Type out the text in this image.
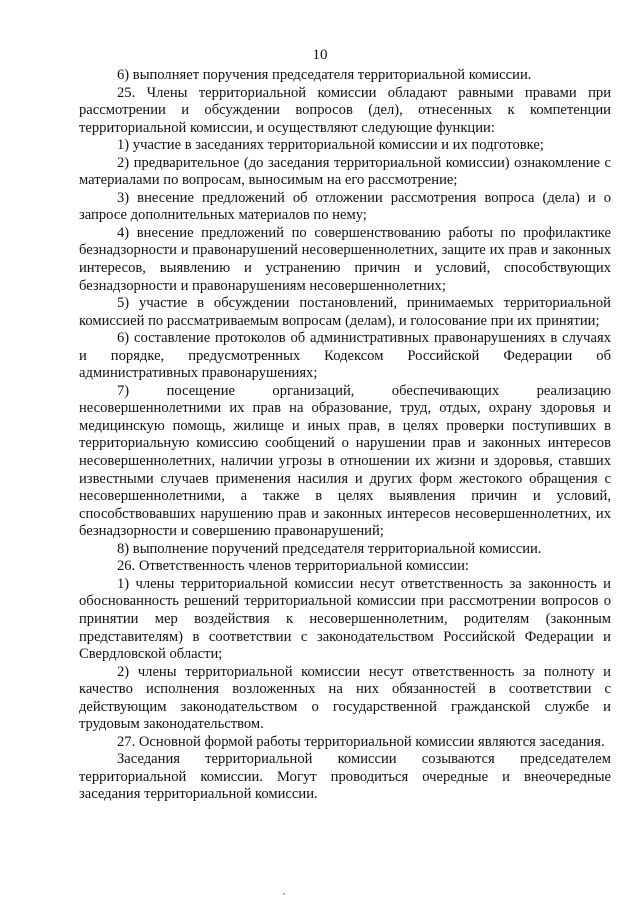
10

6) выполняет поручения председателя территориальной комиссии.

25. Члены территориальной комиссии обладают равными правами при рассмотрении и обсуждении вопросов (дел), отнесенных к компетенции территориальной комиссии, и осуществляют следующие функции:

1) участие в заседаниях территориальной комиссии и их подготовке;

2) предварительное (до заседания территориальной комиссии) ознакомление с материалами по вопросам, выносимым на его рассмотрение;

3) внесение предложений об отложении рассмотрения вопроса (дела) и о запросе дополнительных материалов по нему;

4) внесение предложений по совершенствованию работы по профилактике безнадзорности и правонарушений несовершеннолетних, защите их прав и законных интересов, выявлению и устранению причин и условий, способствующих безнадзорности и правонарушениям несовершеннолетних;

5) участие в обсуждении постановлений, принимаемых территориальной комиссией по рассматриваемым вопросам (делам), и голосование при их принятии;

6) составление протоколов об административных правонарушениях в случаях и порядке, предусмотренных Кодексом Российской Федерации об административных правонарушениях;

7) посещение организаций, обеспечивающих реализацию несовершеннолетними их прав на образование, труд, отдых, охрану здоровья и медицинскую помощь, жилище и иных прав, в целях проверки поступивших в территориальную комиссию сообщений о нарушении прав и законных интересов несовершеннолетних, наличии угрозы в отношении их жизни и здоровья, ставших известными случаев применения насилия и других форм жестокого обращения с несовершеннолетними, а также в целях выявления причин и условий, способствовавших нарушению прав и законных интересов несовершеннолетних, их безнадзорности и совершению правонарушений;

8) выполнение поручений председателя территориальной комиссии.

26. Ответственность членов территориальной комиссии:

1) члены территориальной комиссии несут ответственность за законность и обоснованность решений территориальной комиссии при рассмотрении вопросов о принятии мер воздействия к несовершеннолетним, родителям (законным представителям) в соответствии с законодательством Российской Федерации и Свердловской области;

2) члены территориальной комиссии несут ответственность за полноту и качество исполнения возложенных на них обязанностей в соответствии с действующим законодательством о государственной гражданской службе и трудовым законодательством.

27. Основной формой работы территориальной комиссии являются заседания.

Заседания территориальной комиссии созываются председателем территориальной комиссии. Могут проводиться очередные и внеочередные заседания территориальной комиссии.
